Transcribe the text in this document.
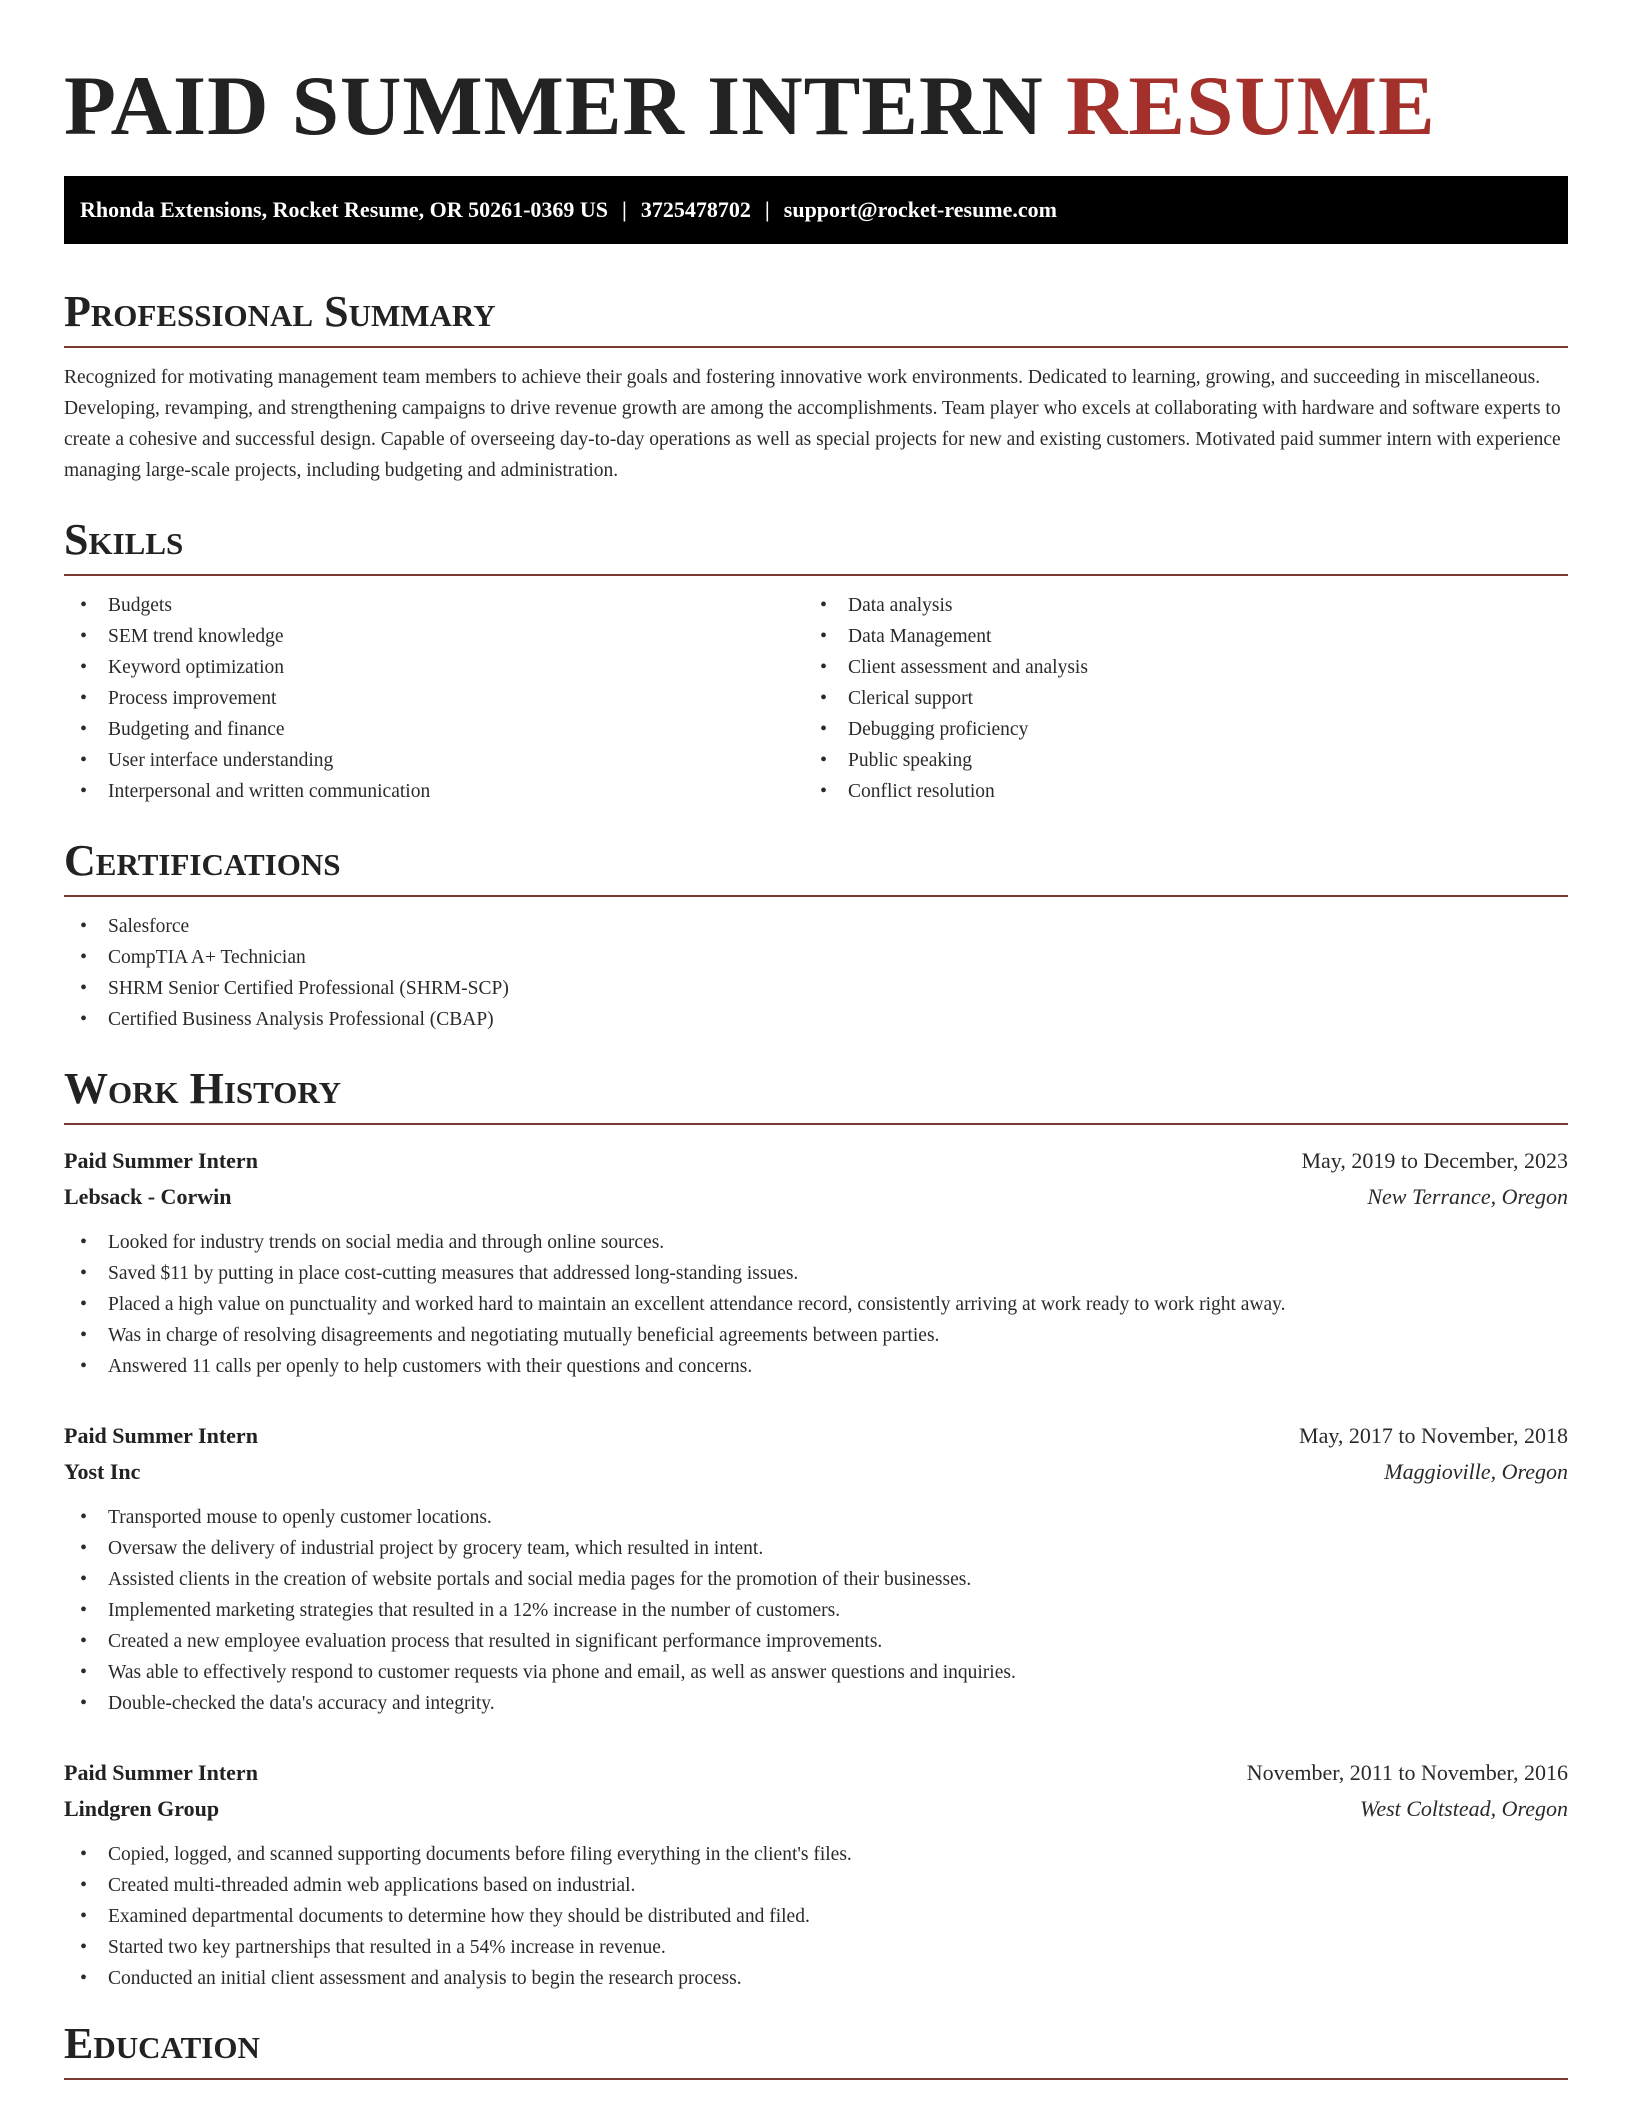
PAID SUMMER INTERN RESUME
Rhonda Extensions, Rocket Resume, OR 50261-0369 US | 3725478702 | support@rocket-resume.com
Professional Summary

Recognized for motivating management team members to achieve their goals and fostering innovative work environments. Dedicated to learning, growing, and succeeding in miscellaneous. Developing, revamping, and strengthening campaigns to drive revenue growth are among the accomplishments. Team player who excels at collaborating with hardware and software experts to create a cohesive and successful design. Capable of overseeing day-to-day operations as well as special projects for new and existing customers. Motivated paid summer intern with experience managing large-scale projects, including budgeting and administration.

Skills
• Budgets
• SEM trend knowledge
• Keyword optimization
• Process improvement
• Budgeting and finance
• User interface understanding
• Interpersonal and written communication
• Data analysis
• Data Management
• Client assessment and analysis
• Clerical support
• Debugging proficiency
• Public speaking
• Conflict resolution
Certifications
• Salesforce
• CompTIA A+ Technician
• SHRM Senior Certified Professional (SHRM-SCP)
• Certified Business Analysis Professional (CBAP)
Work History
Paid Summer Intern	May, 2019 to December, 2023
Lebsack - Corwin	New Terrance, Oregon
• Looked for industry trends on social media and through online sources.
• Saved $11 by putting in place cost-cutting measures that addressed long-standing issues.
• Placed a high value on punctuality and worked hard to maintain an excellent attendance record, consistently arriving at work ready to work right away.
• Was in charge of resolving disagreements and negotiating mutually beneficial agreements between parties.
• Answered 11 calls per openly to help customers with their questions and concerns.
Paid Summer Intern	May, 2017 to November, 2018
Yost Inc	Maggioville, Oregon
• Transported mouse to openly customer locations.
• Oversaw the delivery of industrial project by grocery team, which resulted in intent.
• Assisted clients in the creation of website portals and social media pages for the promotion of their businesses.
• Implemented marketing strategies that resulted in a 12% increase in the number of customers.
• Created a new employee evaluation process that resulted in significant performance improvements.
• Was able to effectively respond to customer requests via phone and email, as well as answer questions and inquiries.
• Double-checked the data's accuracy and integrity.
Paid Summer Intern	November, 2011 to November, 2016
Lindgren Group	West Coltstead, Oregon
• Copied, logged, and scanned supporting documents before filing everything in the client's files.
• Created multi-threaded admin web applications based on industrial.
• Examined departmental documents to determine how they should be distributed and filed.
• Started two key partnerships that resulted in a 54% increase in revenue.
• Conducted an initial client assessment and analysis to begin the research process.
Education
